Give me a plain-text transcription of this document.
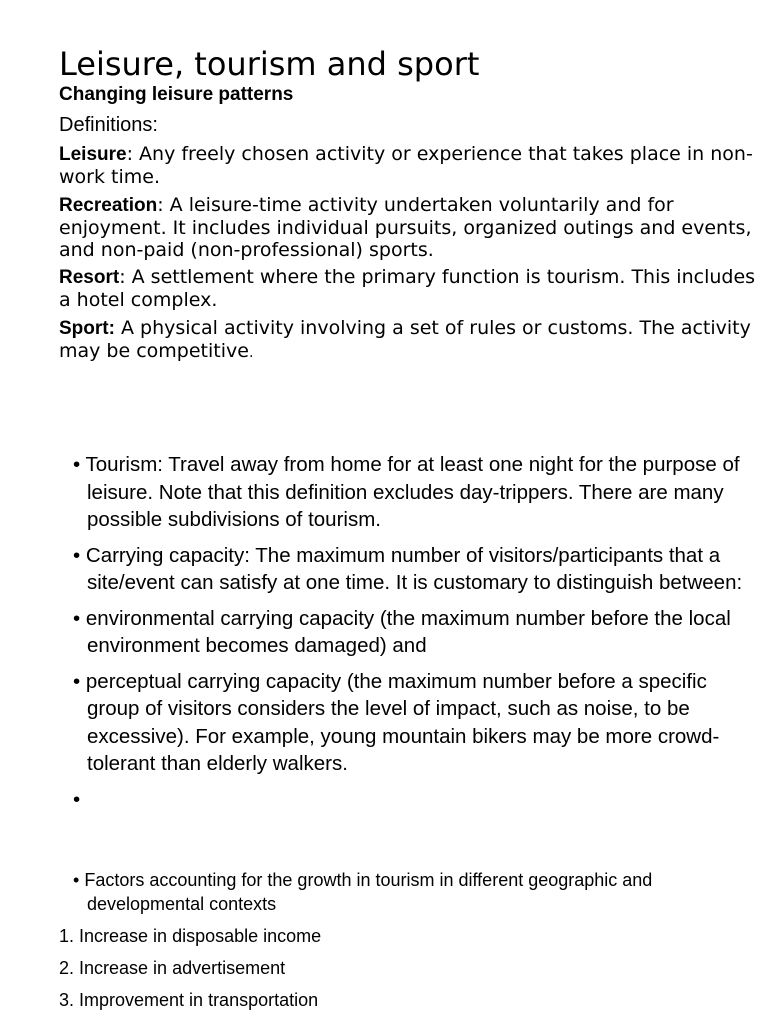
Leisure, tourism and sport
Changing leisure patterns
Definitions:
Leisure: Any freely chosen activity or experience that takes place in non-work time.
Recreation: A leisure-time activity undertaken voluntarily and for enjoyment. It includes individual pursuits, organized outings and events, and non-paid (non-professional) sports.
Resort: A settlement where the primary function is tourism. This includes a hotel complex.
Sport: A physical activity involving a set of rules or customs. The activity may be competitive.
• Tourism: Travel away from home for at least one night for the purpose of leisure. Note that this definition excludes day-trippers. There are many possible subdivisions of tourism.
• Carrying capacity: The maximum number of visitors/participants that a site/event can satisfy at one time. It is customary to distinguish between:
• environmental carrying capacity (the maximum number before the local environment becomes damaged) and
• perceptual carrying capacity (the maximum number before a specific group of visitors considers the level of impact, such as noise, to be excessive). For example, young mountain bikers may be more crowd-tolerant than elderly walkers.
•
• Factors accounting for the growth in tourism in different geographic and developmental contexts
1. Increase in disposable income
2. Increase in advertisement
3. Improvement in transportation
